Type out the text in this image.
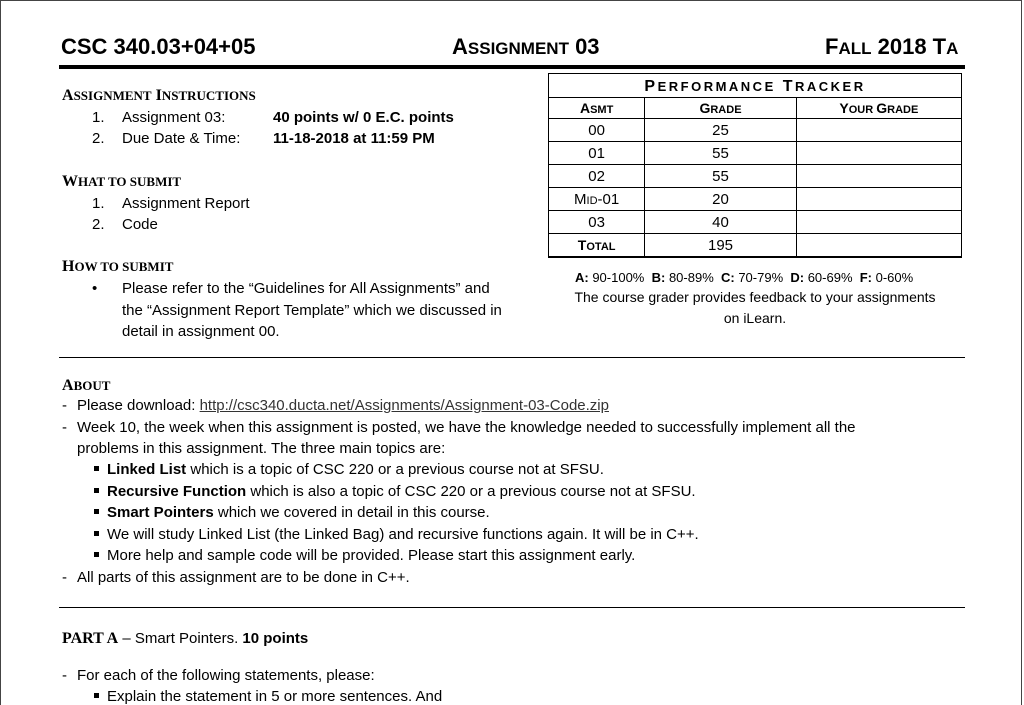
CSC 340.03+04+05	ASSIGNMENT 03	FALL 2018 TA
ASSIGNMENT INSTRUCTIONS
1. Assignment 03:	40 points w/ 0 E.C. points
2. Due Date & Time: 11-18-2018 at 11:59 PM
WHAT TO SUBMIT
1. Assignment Report
2. Code
HOW TO SUBMIT
• Please refer to the “Guidelines for All Assignments” and
the “Assignment Report Template” which we discussed in
detail in assignment 00.
PERFORMANCE TRACKER
ASMT	GRADE	YOUR GRADE
00	25	
01	55	
02	55	
MID-01	20	
03	40	
TOTAL	195	
A: 90-100% B: 80-89% C: 70-79% D: 60-69% F: 0-60%
The course grader provides feedback to your assignments
on iLearn.
ABOUT
- Please download: http://csc340.ducta.net/Assignments/Assignment-03-Code.zip
- Week 10, the week when this assignment is posted, we have the knowledge needed to successfully implement all the
problems in this assignment. The three main topics are:
Linked List which is a topic of CSC 220 or a previous course not at SFSU.
Recursive Function which is also a topic of CSC 220 or a previous course not at SFSU.
Smart Pointers which we covered in detail in this course.
We will study Linked List (the Linked Bag) and recursive functions again. It will be in C++.
More help and sample code will be provided. Please start this assignment early.
- All parts of this assignment are to be done in C++.
PART A – Smart Pointers. 10 points
- For each of the following statements, please:
Explain the statement in 5 or more sentences. And
